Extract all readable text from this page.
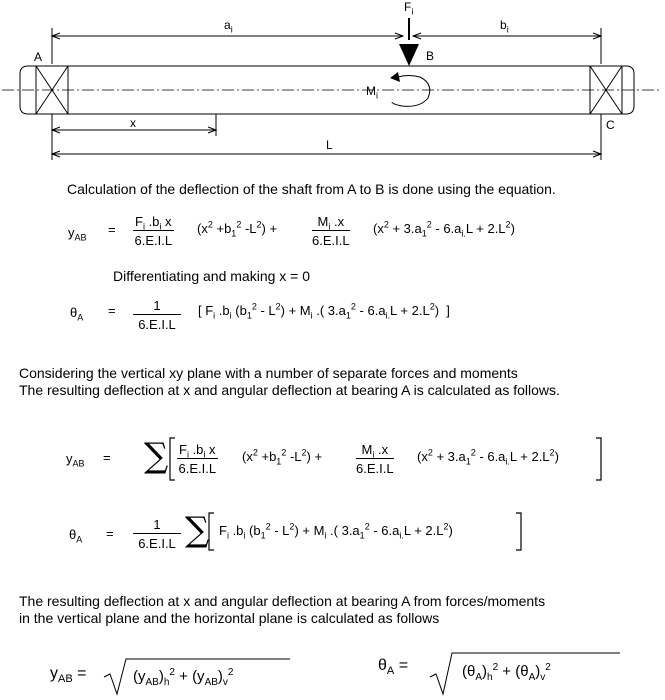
A	B
C
$F_i$
$a_i$	$b_i$
x
L
$M_i$
Calculation of the deflection of the shaft from A to B is done using the equation.
$y_{AB}$
= $\frac{F_i .b_i x}{6.E.I.L} (x^2 +b_1^2$ $-L^2$) +	$\frac{M_i .x}{6.E.I.L} (x^2 + 3.a_1^2 - 6.a_{i.}L + 2.L^2)$
Differentiating and making x = 0
$\theta_A = \frac{1}{6.E.I.L}$ [ $F_i$ $.b_i$ $(b_1^2 - L^2) + M_i$ .( $3.a_1^2 - 6.a_{i.}L + 2.L^2$)  ]
Considering the vertical xy plane with a number of separate forces and moments
The resulting deflection at x and angular deflection at bearing A is calculated as follows.
$y_{AB}$ = ∑ $\frac{F_i .b_i x}{6.E.I.L} (x^2 +b_1^2$ $-L^2$) +	$\frac{M_i .x}{6.E.I.L} (x^2 + 3.a_1^2 - 6.a_{i.}L + 2.L^2)$
$\theta_A = \frac{1}{6.E.I.L}$ ∑ $F_i$ $.b_i$ $(b_1^2 - L^2) + M_i$ .( $3.a_1^2 - 6.a_{i.}L + 2.L^2$)
The resulting deflection at x and angular deflection at bearing A from forces/moments
in the vertical plane and the horizontal plane is calculated as follows
$y_{AB}$ =	$(y_{AB})_h^2 + (y_{AB})_v^2$	$\theta_A$ =	$(\theta_A)_h^2 + (\theta_A)_v^2$
